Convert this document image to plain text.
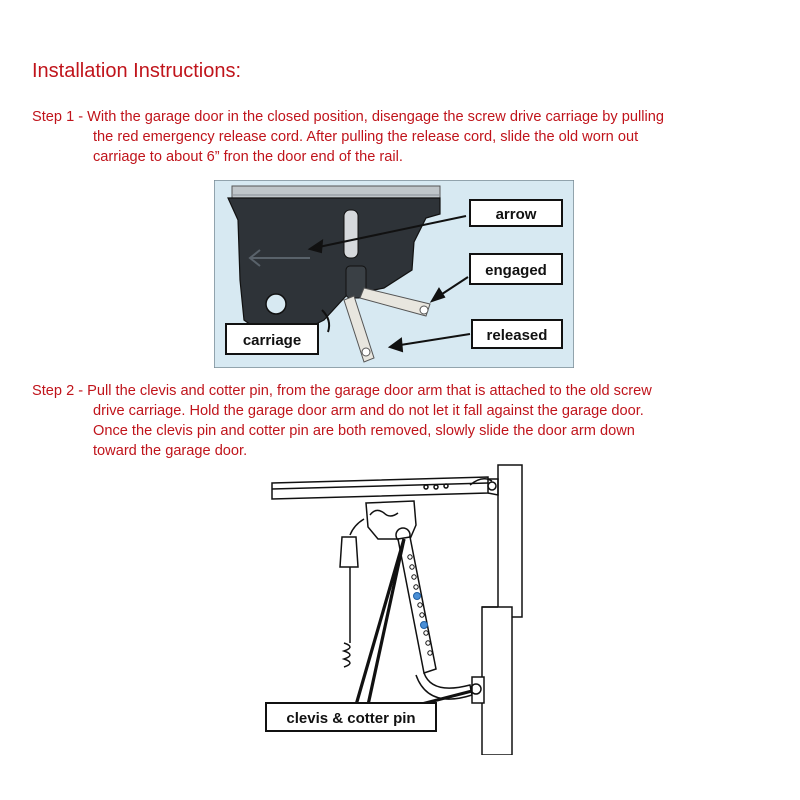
Installation Instructions:
Step 1 - With the garage door in the closed position, disengage the screw drive carriage by pulling
the red emergency release cord. After pulling the release cord, slide the old worn out
carriage to about 6” fron the door end of the rail.
arrow
engaged
released
carriage
Step 2 - Pull the clevis and cotter pin, from the garage door arm that is attached to the old screw
drive carriage. Hold the garage door arm and do not let it fall against the garage door.
Once the clevis pin and cotter pin are both removed, slowly slide the door arm down
toward the garage door.
clevis & cotter pin
